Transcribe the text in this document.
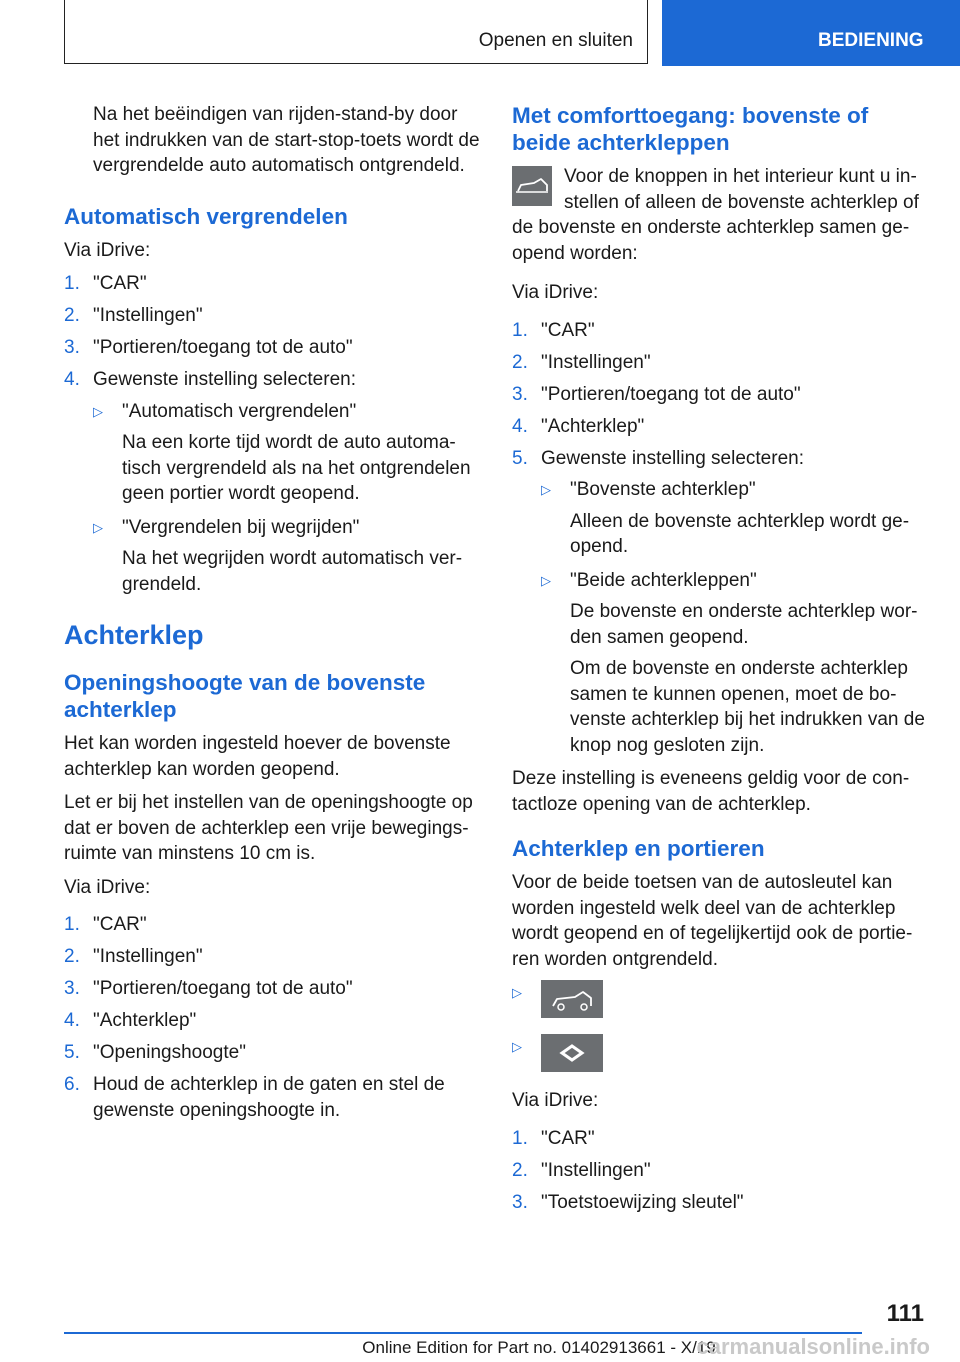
Openen en sluiten	BEDIENING

Na het beëindigen van rijden-stand-by door het indrukken van de start-stop-toets wordt de vergrendelde auto automatisch ontgrendeld.

Automatisch vergrendelen

Via iDrive:

1. "CAR"
2. "Instellingen"
3. "Portieren/toegang tot de auto"
4. Gewenste instelling selecteren:
▷ "Automatisch vergrendelen"
Na een korte tijd wordt de auto automatisch vergrendeld als na het ontgrendelen geen portier wordt geopend.
▷ "Vergrendelen bij wegrijden"
Na het wegrijden wordt automatisch vergrendeld.
Achterklep
Openingshoogte van de bovenste achterklep

Het kan worden ingesteld hoever de bovenste achterklep kan worden geopend.

Let er bij het instellen van de openingshoogte op dat er boven de achterklep een vrije bewegingsruimte van minstens 10 cm is.

Via iDrive:

1. "CAR"
2. "Instellingen"
3. "Portieren/toegang tot de auto"
4. "Achterklep"
5. "Openingshoogte"
6. Houd de achterklep in de gaten en stel de gewenste openingshoogte in.
Met comforttoegang: bovenste of beide achterkleppen

Voor de knoppen in het interieur kunt u instellen of alleen de bovenste achterklep of de bovenste en onderste achterklep samen geopend worden:

Via iDrive:

1. "CAR"
2. "Instellingen"
3. "Portieren/toegang tot de auto"
4. "Achterklep"
5. Gewenste instelling selecteren:
▷ "Bovenste achterklep"
Alleen de bovenste achterklep wordt geopend.
▷ "Beide achterkleppen"
De bovenste en onderste achterklep worden samen geopend.
Om de bovenste en onderste achterklep samen te kunnen openen, moet de bovenste achterklep bij het indrukken van de knop nog gesloten zijn.

Deze instelling is eveneens geldig voor de contactloze opening van de achterklep.

Achterklep en portieren

Voor de beide toetsen van de autosleutel kan worden ingesteld welk deel van de achterklep wordt geopend en of tegelijkertijd ook de portieren worden ontgrendeld.

▷
▷

Via iDrive:

1. "CAR"
2. "Instellingen"
3. "Toetstoewijzing sleutel"
111
Online Edition for Part no. 01402913661 - X/19
carmanualsonline.info
